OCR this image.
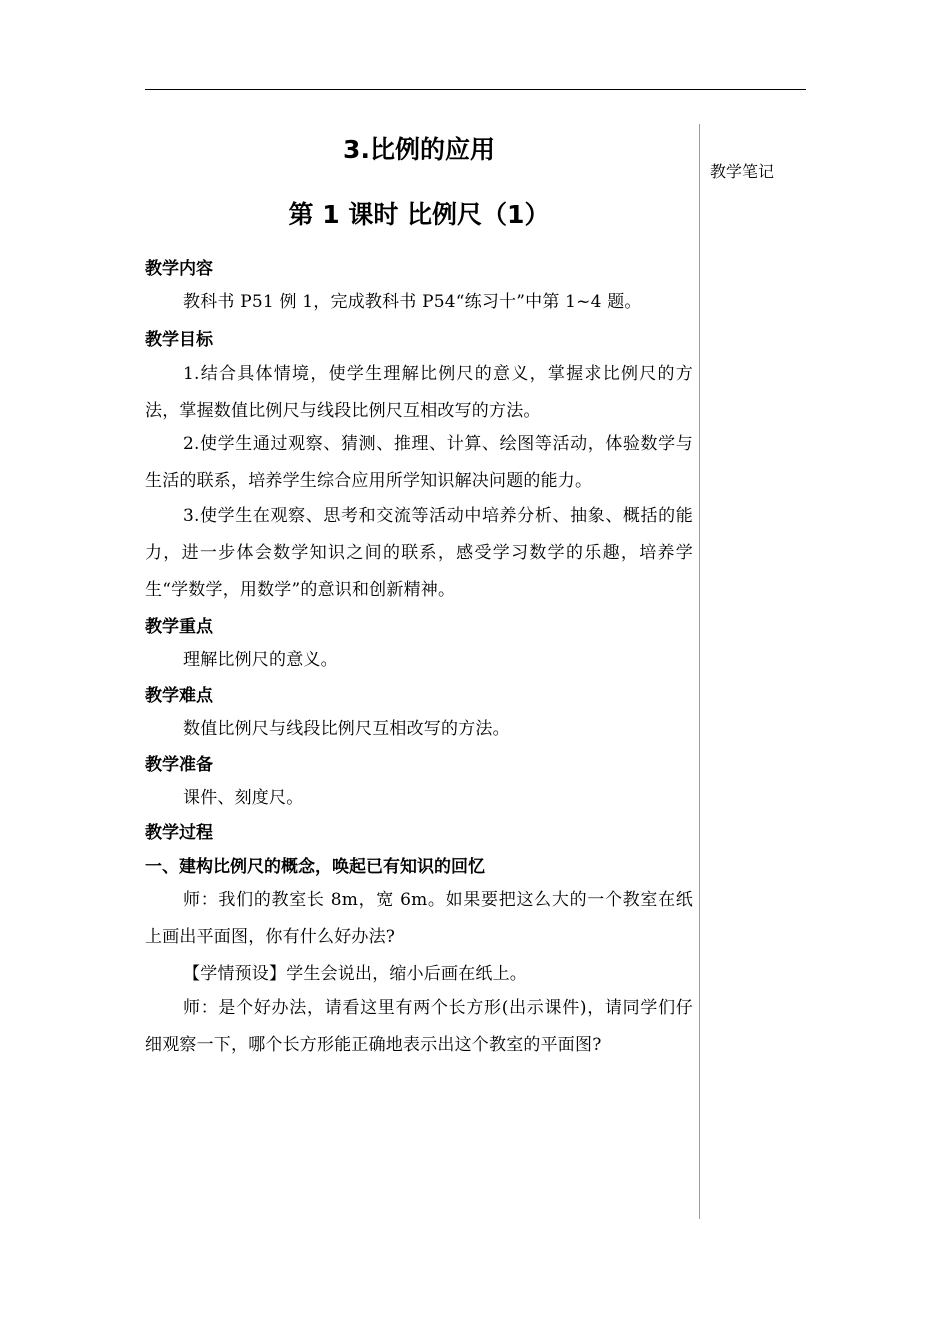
教学笔记
3.比例的应用
第 1 课时 比例尺（1）
教学内容
教科书 P51 例 1，完成教科书 P54“练习十”中第 1~4 题。
教学目标
1.结合具体情境，使学生理解比例尺的意义，掌握求比例尺的方法，掌握数值比例尺与线段比例尺互相改写的方法。
2.使学生通过观察、猜测、推理、计算、绘图等活动，体验数学与生活的联系，培养学生综合应用所学知识解决问题的能力。
3.使学生在观察、思考和交流等活动中培养分析、抽象、概括的能力，进一步体会数学知识之间的联系，感受学习数学的乐趣，培养学生“学数学，用数学”的意识和创新精神。
教学重点
理解比例尺的意义。
教学难点
数值比例尺与线段比例尺互相改写的方法。
教学准备
课件、刻度尺。
教学过程
一、建构比例尺的概念，唤起已有知识的回忆
师：我们的教室长 8m，宽 6m。如果要把这么大的一个教室在纸上画出平面图，你有什么好办法?
【学情预设】学生会说出，缩小后画在纸上。
师：是个好办法，请看这里有两个长方形(出示课件)，请同学们仔细观察一下，哪个长方形能正确地表示出这个教室的平面图?
